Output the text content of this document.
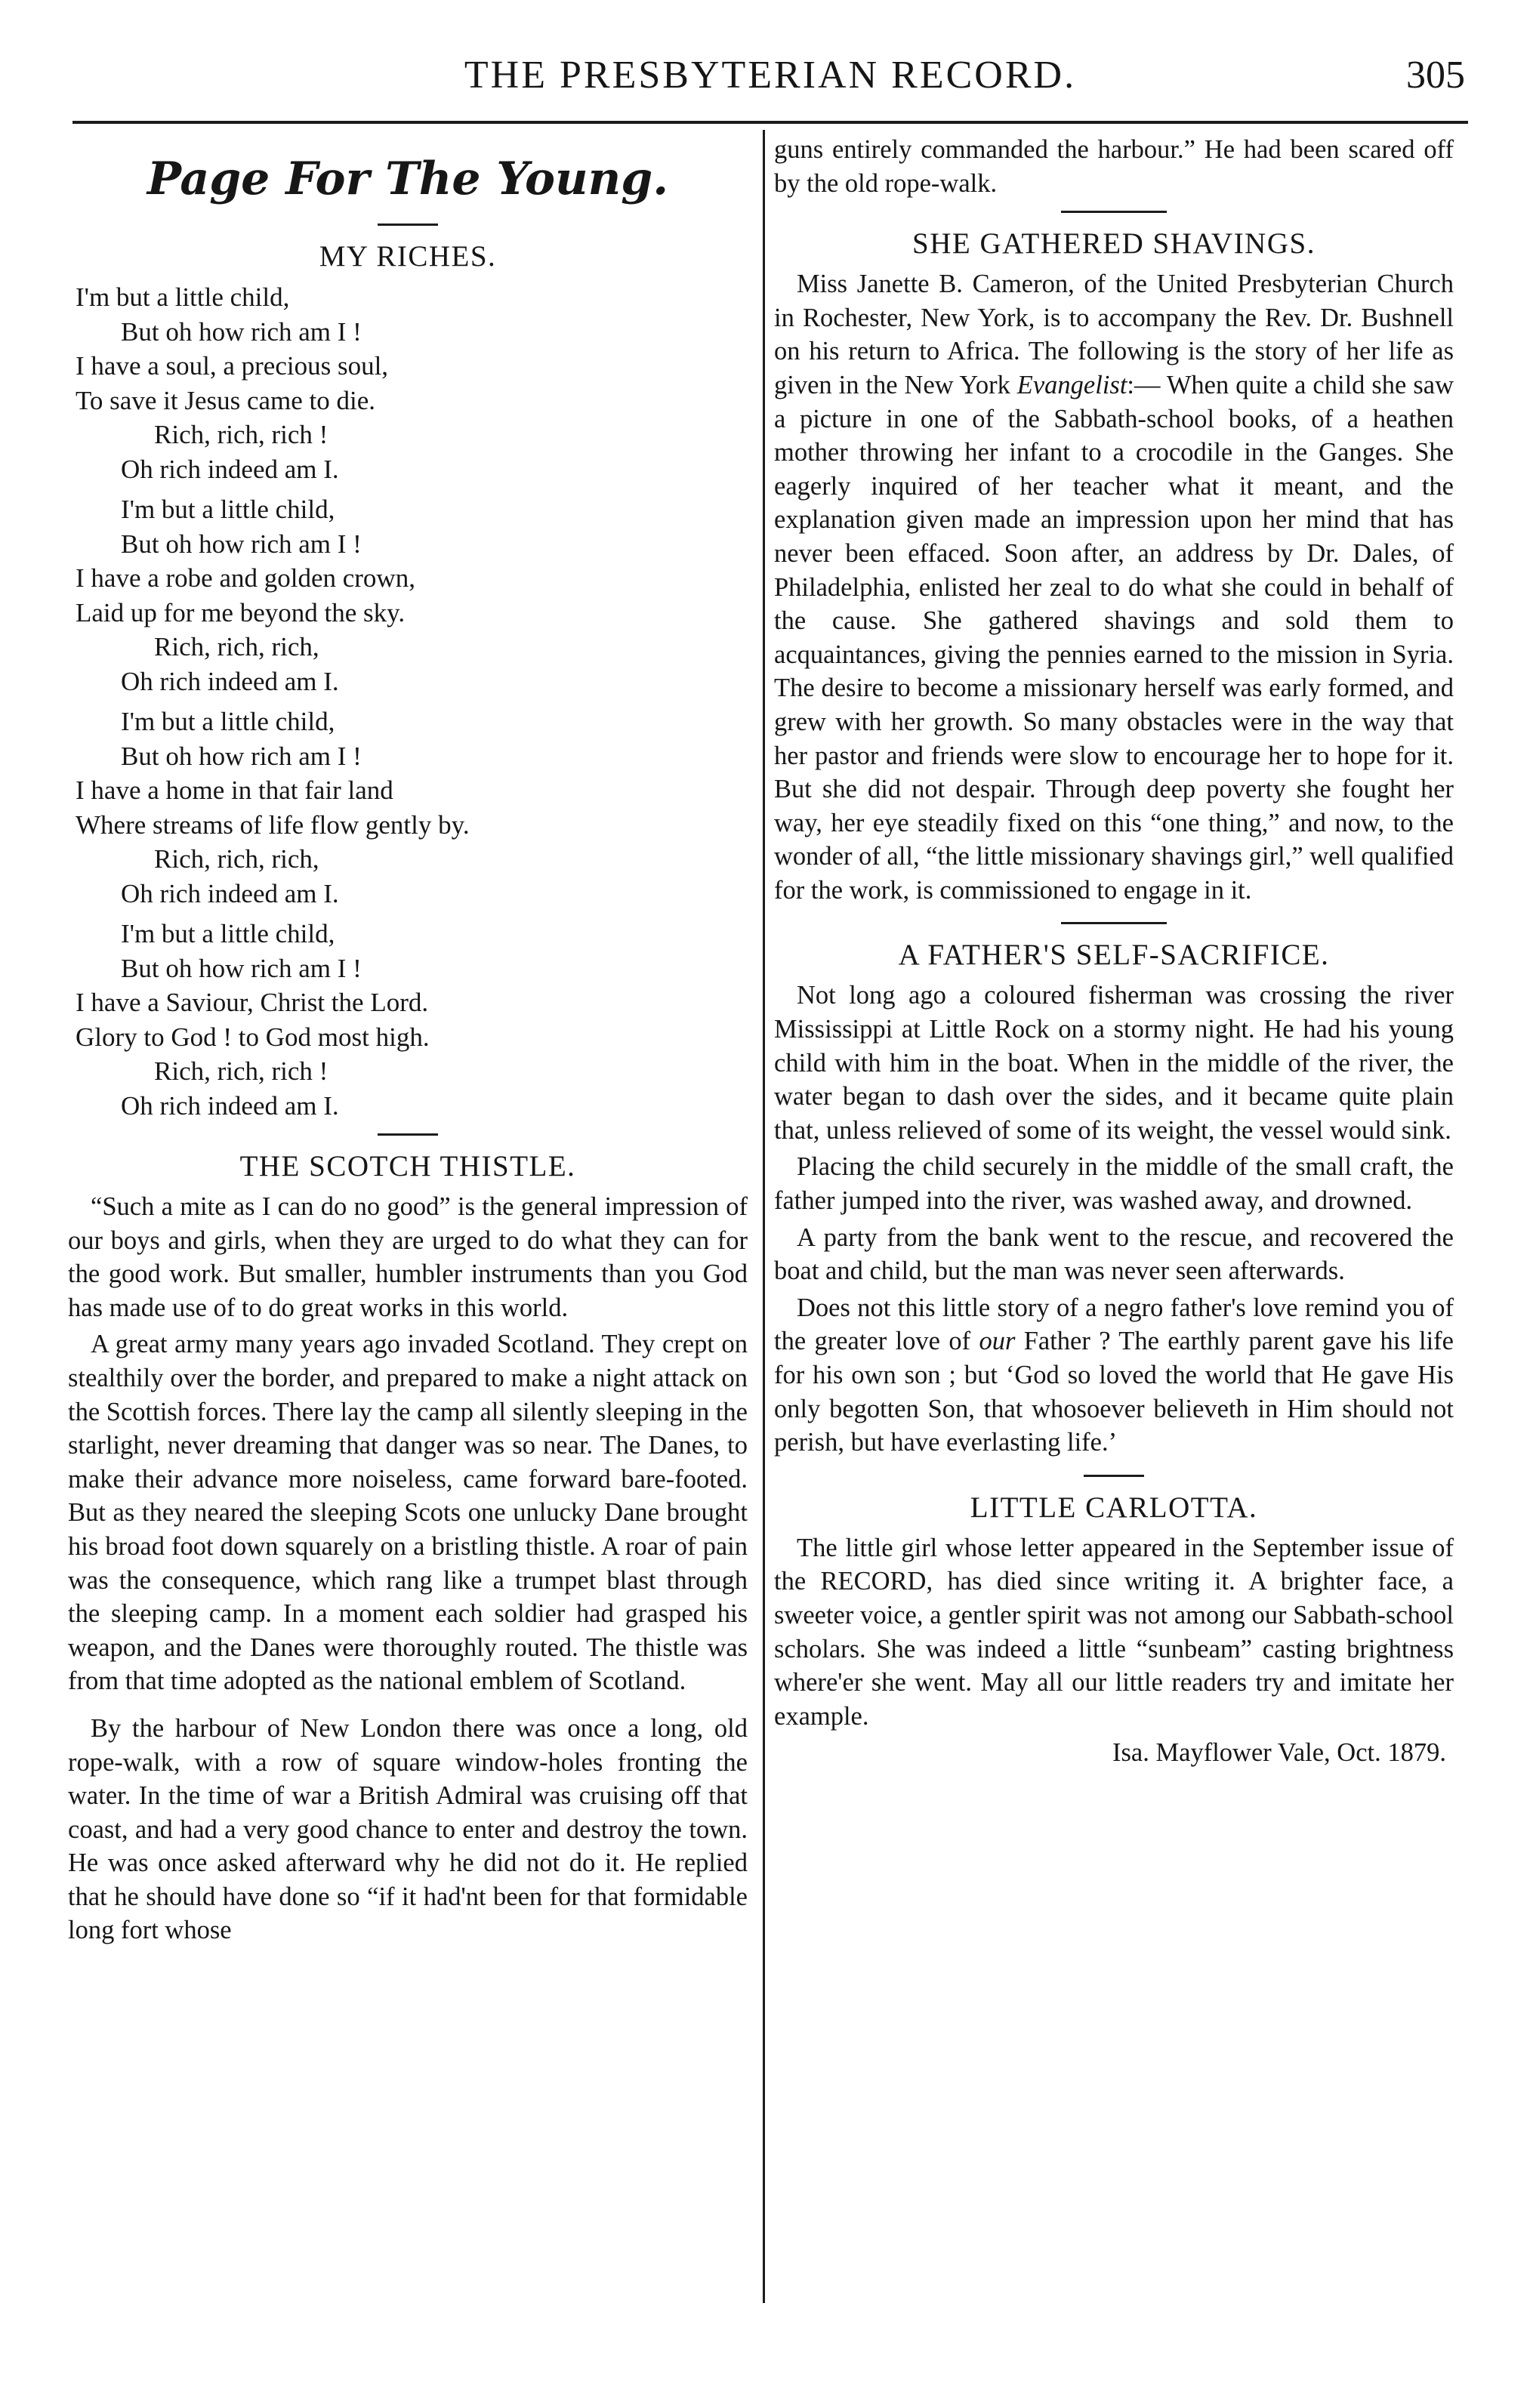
THE PRESBYTERIAN RECORD.	305
Page For The Young.
MY RICHES.
I'm but a little child,
But oh how rich am I !
I have a soul, a precious soul,
To save it Jesus came to die.
Rich, rich, rich !
Oh rich indeed am I.
I'm but a little child,
But oh how rich am I !
I have a robe and golden crown,
Laid up for me beyond the sky.
Rich, rich, rich,
Oh rich indeed am I.
I'm but a little child,
But oh how rich am I !
I have a home in that fair land
Where streams of life flow gently by.
Rich, rich, rich,
Oh rich indeed am I.
I'm but a little child,
But oh how rich am I !
I have a Saviour, Christ the Lord.
Glory to God ! to God most high.
Rich, rich, rich !
Oh rich indeed am I.
THE SCOTCH THISTLE.

“Such a mite as I can do no good” is the general impression of our boys and girls, when they are urged to do what they can for the good work. But smaller, humbler instruments than you God has made use of to do great works in this world.

A great army many years ago invaded Scotland. They crept on stealthily over the border, and prepared to make a night attack on the Scottish forces. There lay the camp all silently sleeping in the starlight, never dreaming that danger was so near. The Danes, to make their advance more noiseless, came forward bare-footed. But as they neared the sleeping Scots one unlucky Dane brought his broad foot down squarely on a bristling thistle. A roar of pain was the consequence, which rang like a trumpet blast through the sleeping camp. In a moment each soldier had grasped his weapon, and the Danes were thoroughly routed. The thistle was from that time adopted as the national emblem of Scotland.

By the harbour of New London there was once a long, old rope-walk, with a row of square window-holes fronting the water. In the time of war a British Admiral was cruising off that coast, and had a very good chance to enter and destroy the town. He was once asked afterward why he did not do it. He replied that he should have done so “if it had'nt been for that formidable long fort whose

guns entirely commanded the harbour.” He had been scared off by the old rope-walk.

SHE GATHERED SHAVINGS.

Miss Janette B. Cameron, of the United Presbyterian Church in Rochester, New York, is to accompany the Rev. Dr. Bushnell on his return to Africa. The following is the story of her life as given in the New York Evangelist:— When quite a child she saw a picture in one of the Sabbath-school books, of a heathen mother throwing her infant to a crocodile in the Ganges. She eagerly inquired of her teacher what it meant, and the explanation given made an impression upon her mind that has never been effaced. Soon after, an address by Dr. Dales, of Philadelphia, enlisted her zeal to do what she could in behalf of the cause. She gathered shavings and sold them to acquaintances, giving the pennies earned to the mission in Syria. The desire to become a missionary herself was early formed, and grew with her growth. So many obstacles were in the way that her pastor and friends were slow to encourage her to hope for it. But she did not despair. Through deep poverty she fought her way, her eye steadily fixed on this “one thing,” and now, to the wonder of all, “the little missionary shavings girl,” well qualified for the work, is commissioned to engage in it.

A FATHER'S SELF-SACRIFICE.

Not long ago a coloured fisherman was crossing the river Mississippi at Little Rock on a stormy night. He had his young child with him in the boat. When in the middle of the river, the water began to dash over the sides, and it became quite plain that, unless relieved of some of its weight, the vessel would sink.

Placing the child securely in the middle of the small craft, the father jumped into the river, was washed away, and drowned.

A party from the bank went to the rescue, and recovered the boat and child, but the man was never seen afterwards.

Does not this little story of a negro father's love remind you of the greater love of our Father ? The earthly parent gave his life for his own son ; but ‘God so loved the world that He gave His only begotten Son, that whosoever believeth in Him should not perish, but have everlasting life.’

LITTLE CARLOTTA.

The little girl whose letter appeared in the September issue of the RECORD, has died since writing it. A brighter face, a sweeter voice, a gentler spirit was not among our Sabbath-school scholars. She was indeed a little “sunbeam” casting brightness where'er she went. May all our little readers try and imitate her example.

Isa. Mayflower Vale, Oct. 1879.
